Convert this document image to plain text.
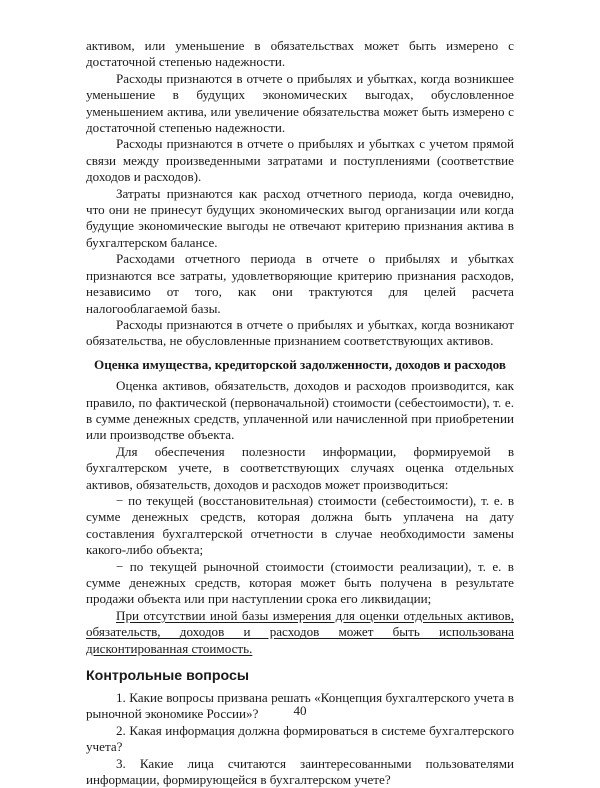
активом, или уменьшение в обязательствах может быть измерено с достаточной степенью надежности.

Расходы признаются в отчете о прибылях и убытках, когда возникшее уменьшение в будущих экономических выгодах, обусловленное уменьшением актива, или увеличение обязательства может быть измерено с достаточной степенью надежности.

Расходы признаются в отчете о прибылях и убытках с учетом прямой связи между произведенными затратами и поступлениями (соответствие доходов и расходов).

Затраты признаются как расход отчетного периода, когда очевидно, что они не принесут будущих экономических выгод организации или когда будущие экономические выгоды не отвечают критерию признания актива в бухгалтерском балансе.

Расходами отчетного периода в отчете о прибылях и убытках признаются все затраты, удовлетворяющие критерию признания расходов, независимо от того, как они трактуются для целей расчета налогооблагаемой базы.

Расходы признаются в отчете о прибылях и убытках, когда возникают обязательства, не обусловленные признанием соответствующих активов.

Оценка имущества, кредиторской задолженности, доходов и расходов

Оценка активов, обязательств, доходов и расходов производится, как правило, по фактической (первоначальной) стоимости (себестоимости), т. е. в сумме денежных средств, уплаченной или начисленной при приобретении или производстве объекта.

Для обеспечения полезности информации, формируемой в бухгалтерском учете, в соответствующих случаях оценка отдельных активов, обязательств, доходов и расходов может производиться:

− по текущей (восстановительная) стоимости (себестоимости), т. е. в сумме денежных средств, которая должна быть уплачена на дату составления бухгалтерской отчетности в случае необходимости замены какого-либо объекта;

− по текущей рыночной стоимости (стоимости реализации), т. е. в сумме денежных средств, которая может быть получена в результате продажи объекта или при наступлении срока его ликвидации;

При отсутствии иной базы измерения для оценки отдельных активов, обязательств, доходов и расходов может быть использована дисконтированная стоимость.

Контрольные вопросы

1. Какие вопросы призвана решать «Концепция бухгалтерского учета в рыночной экономике России»?

2. Какая информация должна формироваться в системе бухгалтерского учета?

3. Какие лица считаются заинтересованными пользователями информации, формирующейся в бухгалтерском учете?

40
